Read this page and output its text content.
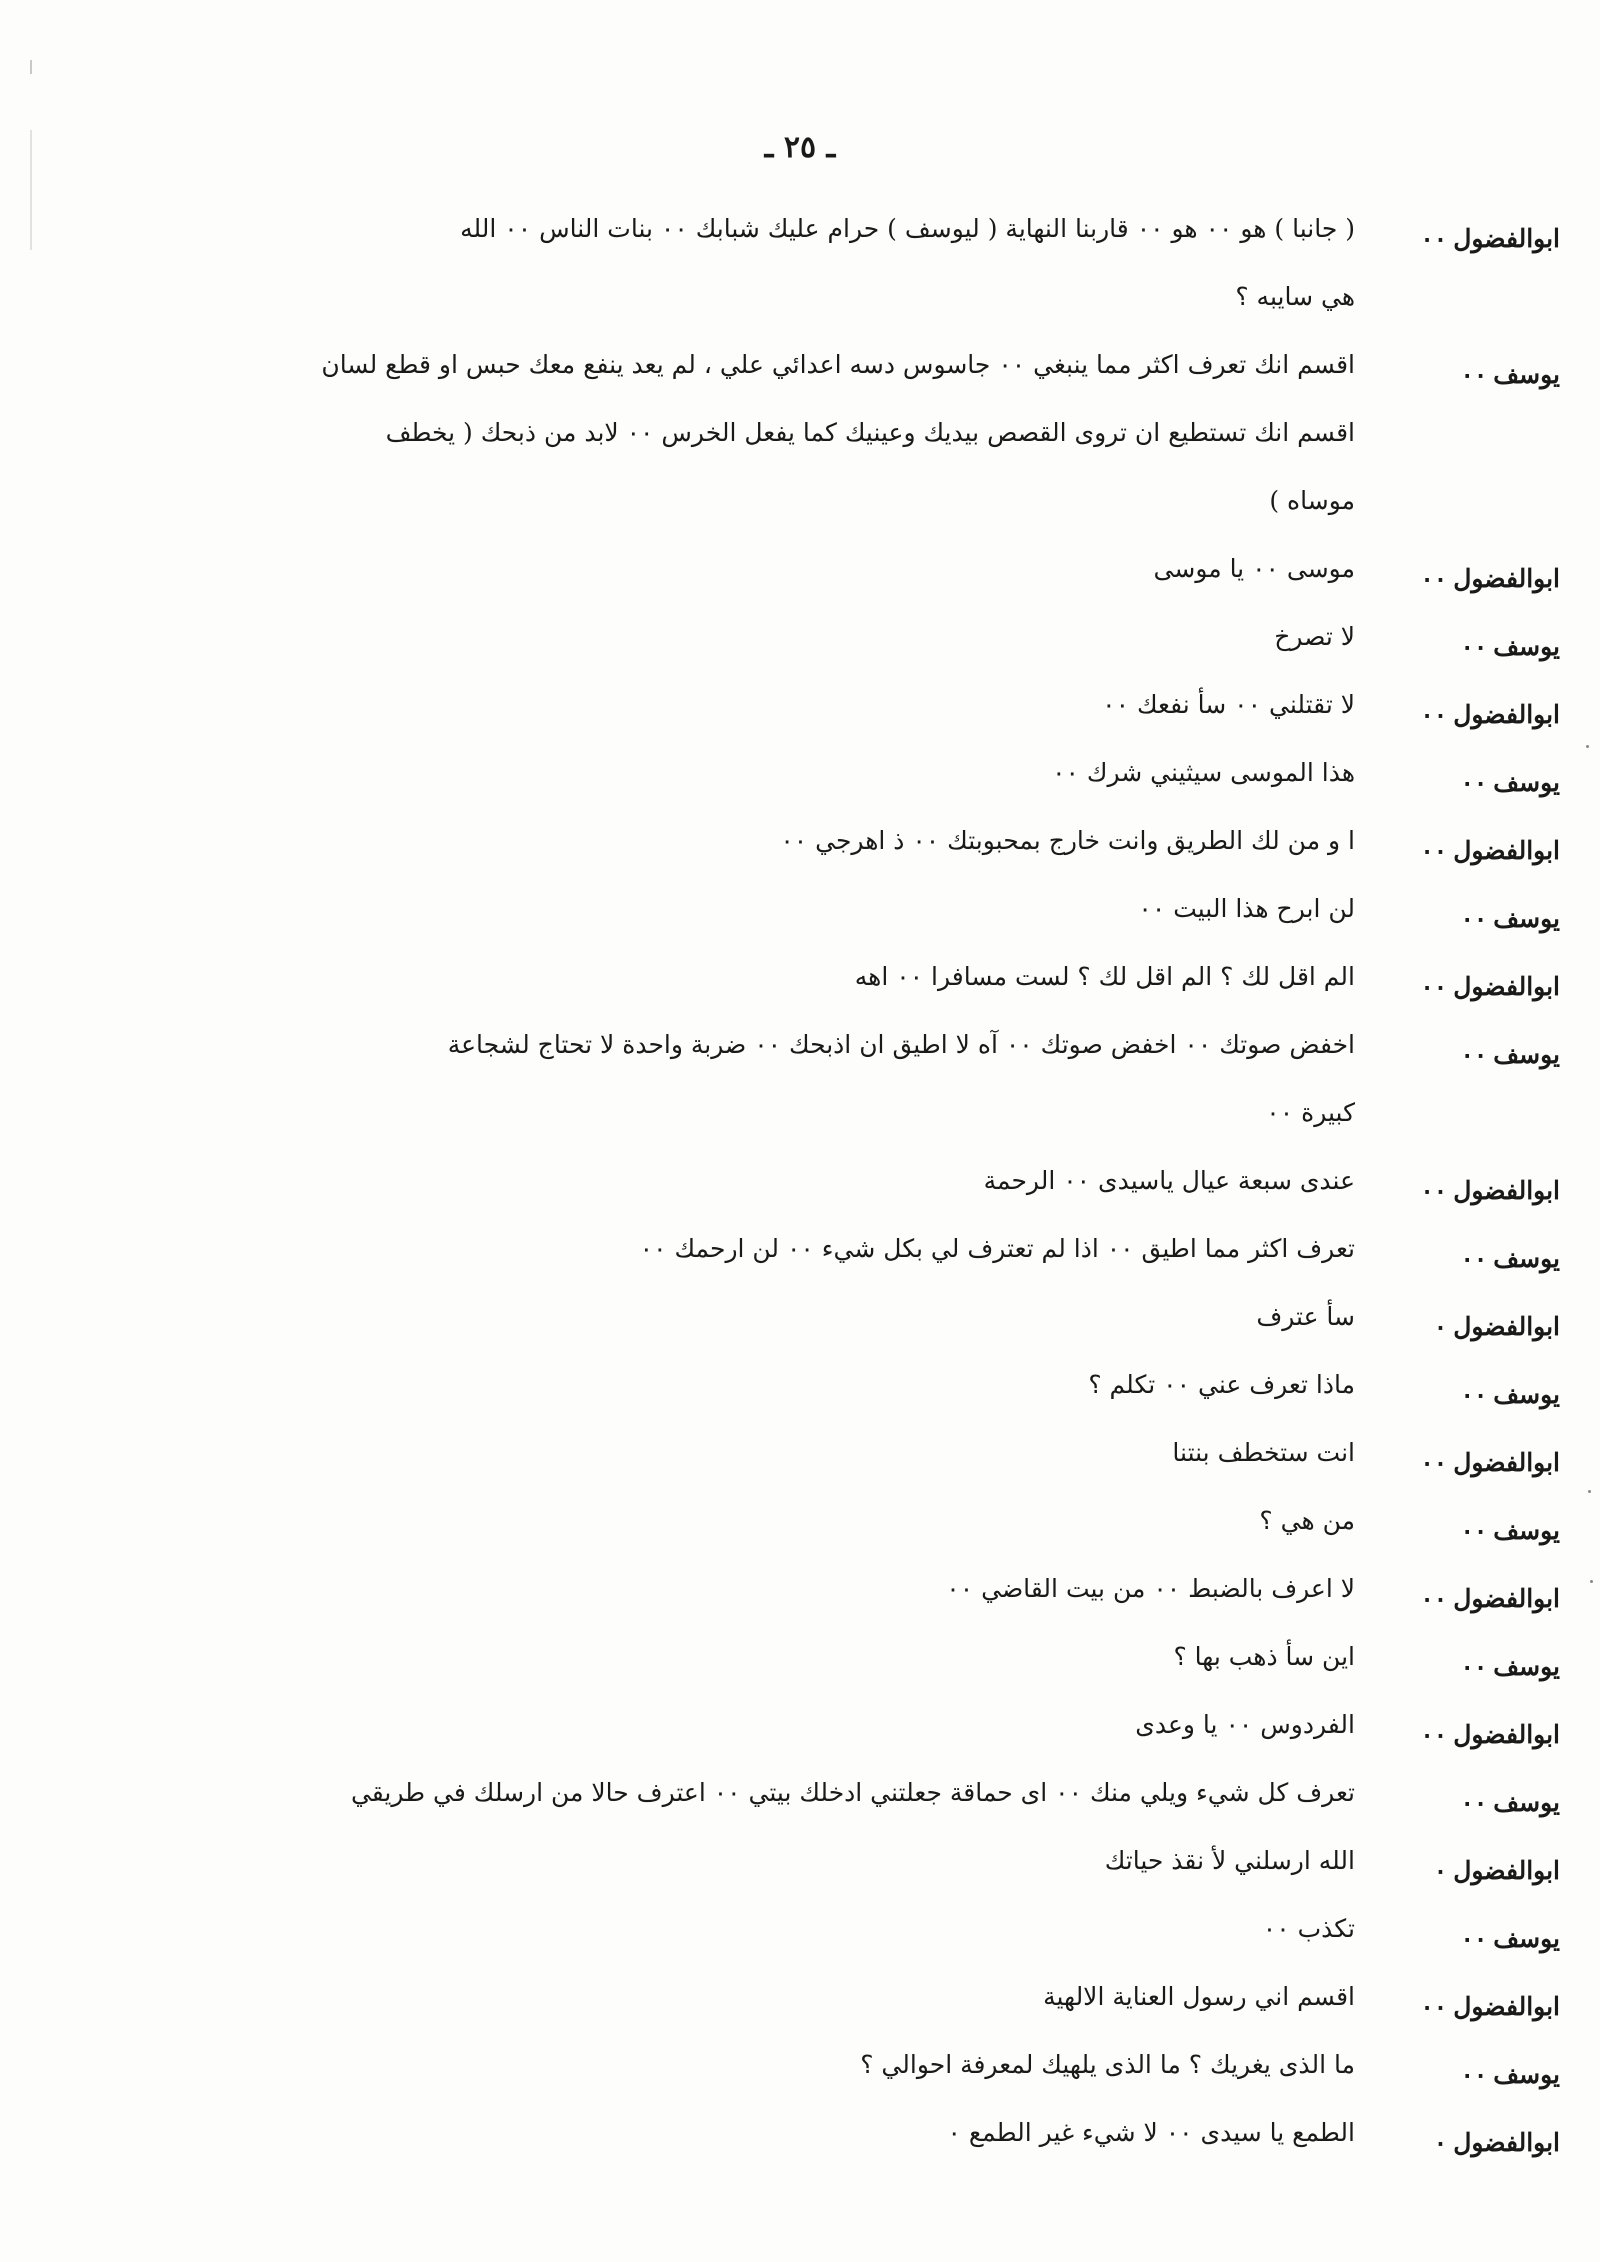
ـ ٢٥ ـ
ابوالفضول٠٠
( جانبا ) هو ٠٠ هو ٠٠ قاربنا النهاية ( ليوسف ) حرام عليك شبابك ٠٠ بنات الناس ٠٠ الله
هي سايبه ؟
يوسف٠٠
اقسم انك تعرف اكثر مما ينبغي ٠٠ جاسوس دسه اعدائي علي ، لم يعد ينفع معك حبس او قطع لسان
اقسم انك تستطيع ان تروى القصص بيديك وعينيك كما يفعل الخرس ٠٠ لابد من ذبحك ( يخطف
موساه )
ابوالفضول٠٠
موسى ٠٠ يا موسى
يوسف٠٠
لا تصرخ
ابوالفضول٠٠
لا تقتلني ٠٠ سأ نفعك ٠٠
يوسف٠٠
هذا الموسى سيثيني شرك ٠٠
ابوالفضول٠٠
ا و من لك الطريق وانت خارج بمحبوبتك ٠٠ ذ اهرجي ٠٠
يوسف٠٠
لن ابرح هذا البيت ٠٠
ابوالفضول٠٠
الم اقل لك ؟ الم اقل لك ؟ لست مسافرا ٠٠ اهه
يوسف٠٠
اخفض صوتك ٠٠ اخفض صوتك ٠٠ آه لا اطيق ان اذبحك ٠٠ ضربة واحدة لا تحتاج لشجاعة
كبيرة ٠٠
ابوالفضول٠٠
عندى سبعة عيال ياسيدى ٠٠ الرحمة
يوسف٠٠
تعرف اكثر مما اطيق ٠٠ اذا لم تعترف لي بكل شيء ٠٠ لن ارحمك ٠٠
ابوالفضول٠
سأ عترف
يوسف٠٠
ماذا تعرف عني ٠٠ تكلم ؟
ابوالفضول٠٠
انت ستخطف بنتنا
يوسف٠٠
من هي ؟
ابوالفضول٠٠
لا اعرف بالضبط ٠٠ من بيت القاضي ٠٠
يوسف٠٠
اين سأ ذهب بها ؟
ابوالفضول٠٠
الفردوس ٠٠ يا وعدى
يوسف٠٠
تعرف كل شيء ويلي منك ٠٠ اى حماقة جعلتني ادخلك بيتي ٠٠ اعترف حالا من ارسلك في طريقي
ابوالفضول٠
الله ارسلني لأ نقذ حياتك
يوسف٠٠
تكذب ٠٠
ابوالفضول٠٠
اقسم اني رسول العناية الالهية
يوسف٠٠
ما الذى يغريك ؟ ما الذى يلهيك لمعرفة احوالي ؟
ابوالفضول٠
الطمع يا سيدى ٠٠ لا شيء غير الطمع ٠
